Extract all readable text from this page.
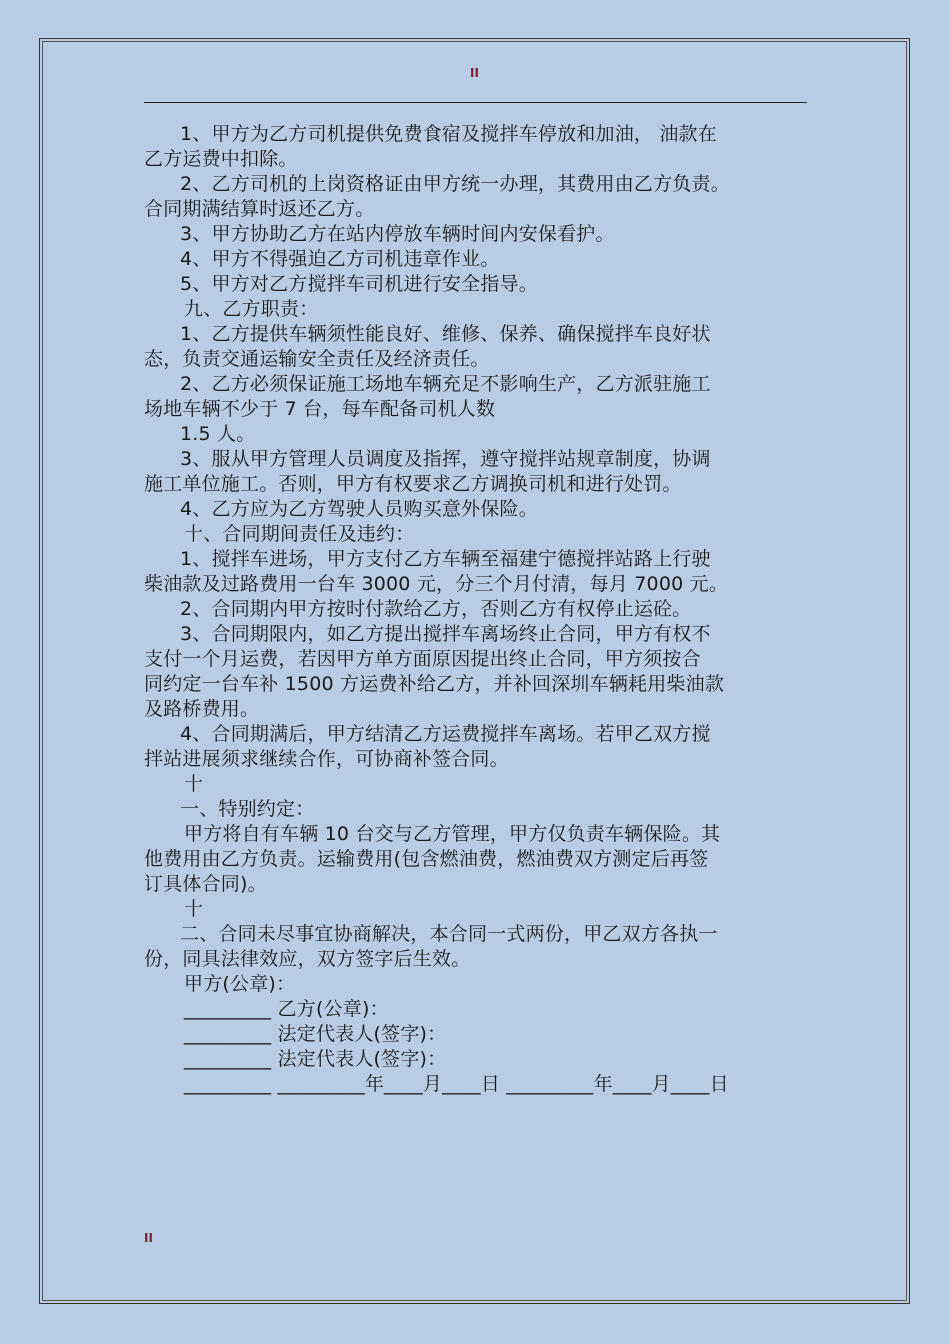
II

1、甲方为乙方司机提供免费食宿及搅拌车停放和加油， 油款在

乙方运费中扣除。

2、乙方司机的上岗资格证由甲方统一办理，其费用由乙方负责。

合同期满结算时返还乙方。

3、甲方协助乙方在站内停放车辆时间内安保看护。

4、甲方不得强迫乙方司机违章作业。

5、甲方对乙方搅拌车司机进行安全指导。

九、乙方职责：

1、乙方提供车辆须性能良好、维修、保养、确保搅拌车良好状

态，负责交通运输安全责任及经济责任。

2、乙方必须保证施工场地车辆充足不影响生产，乙方派驻施工

场地车辆不少于 7 台，每车配备司机人数

1.5 人。

3、服从甲方管理人员调度及指挥，遵守搅拌站规章制度，协调

施工单位施工。否则，甲方有权要求乙方调换司机和进行处罚。

4、乙方应为乙方驾驶人员购买意外保险。

十、合同期间责任及违约：

1、搅拌车进场，甲方支付乙方车辆至福建宁德搅拌站路上行驶

柴油款及过路费用一台车 3000 元，分三个月付清，每月 7000 元。

2、合同期内甲方按时付款给乙方，否则乙方有权停止运砼。

3、合同期限内，如乙方提出搅拌车离场终止合同，甲方有权不

支付一个月运费，若因甲方单方面原因提出终止合同，甲方须按合

同约定一台车补 1500 方运费补给乙方，并补回深圳车辆耗用柴油款

及路桥费用。

4、合同期满后，甲方结清乙方运费搅拌车离场。若甲乙双方搅

拌站进展须求继续合作，可协商补签合同。

十

一、特别约定：

甲方将自有车辆 10 台交与乙方管理，甲方仅负责车辆保险。其

他费用由乙方负责。运输费用(包含燃油费，燃油费双方测定后再签

订具体合同)。

十

二、合同未尽事宜协商解决，本合同一式两份，甲乙双方各执一

份，同具法律效应，双方签字后生效。

甲方(公章)：

_________ 乙方(公章)：

_________ 法定代表人(签字)：

_________ 法定代表人(签字)：

_________ _________年____月____日 _________年____月____日

II
